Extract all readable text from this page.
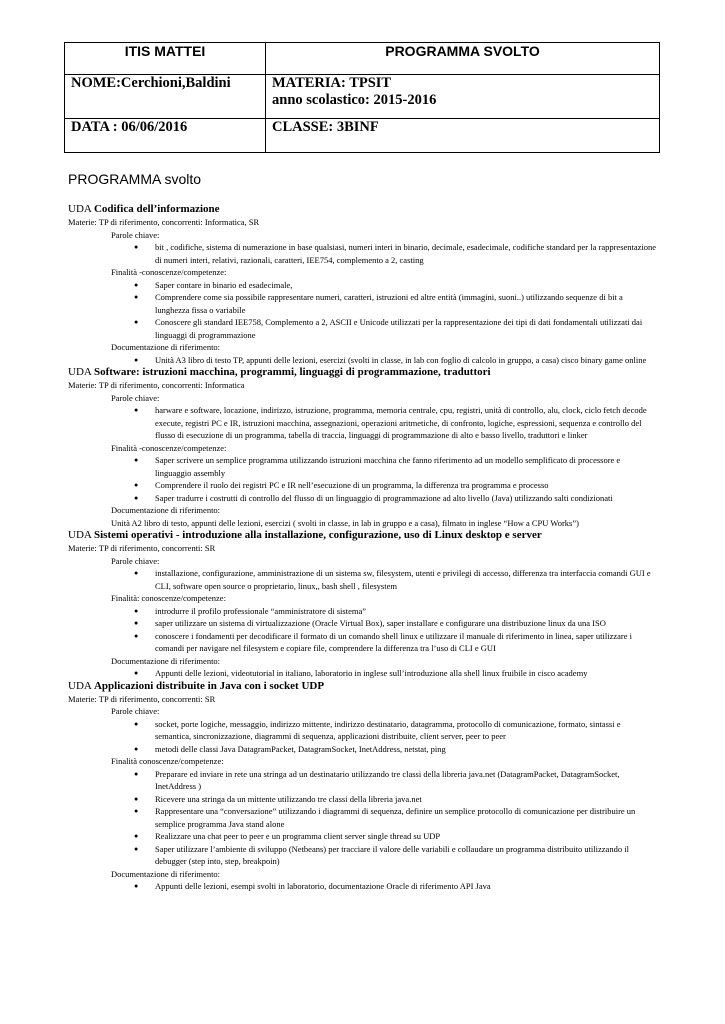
ITIS MATTEI	PROGRAMMA SVOLTO
NOME:Cerchioni,Baldini	MATERIA: TPSIT
anno scolastico: 2015-2016

DATA : 06/06/2016	CLASSE: 3BINF
PROGRAMMA svolto
UDA Codifica dell’informazione
Materie: TP di riferimento, concorrenti: Informatica, SR
Parole chiave:
● bit , codifiche, sistema di numerazione in base qualsiasi, numeri interi in binario, decimale, esadecimale, codifiche standard per la rappresentazione di numeri interi, relativi, razionali, caratteri, IEE754, complemento a 2, casting
Finalità -conoscenze/competenze:
● Saper contare in binario ed esadecimale,
● Comprendere come sia possibile rappresentare numeri, caratteri, istruzioni ed altre entità (immagini, suoni..) utilizzando sequenze di bit a lunghezza fissa o variabile
● Conoscere gli standard IEE758, Complemento a 2, ASCII e Unicode utilizzati per la rappresentazione dei tipi di dati fondamentali utilizzati dai linguaggi di programmazione
Documentazione di riferimento:
● Unità A3 libro di testo TP, appunti delle lezioni, esercizi (svolti in classe, in lab con foglio di calcolo in gruppo, a casa) cisco binary game online
UDA Software: istruzioni macchina, programmi, linguaggi di programmazione, traduttori
Materie: TP di riferimento, concorrenti: Informatica
Parole chiave:
● harware e software, locazione, indirizzo, istruzione, programma, memoria centrale, cpu, registri, unità di controllo, alu, clock, ciclo fetch decode execute, registri PC e IR, istruzioni macchina, assegnazioni, operazioni aritmetiche, di confronto, logiche, espressioni, sequenza e controllo del flusso di esecuzione di un programma, tabella di traccia, linguaggi di programmazione di alto e basso livello, traduttori e linker
Finalità -conoscenze/competenze:
● Saper scrivere un semplice programma utilizzando istruzioni macchina che fanno riferimento ad un modello semplificato di processore e linguaggio assembly
● Comprendere il ruolo dei registri PC e IR nell’esecuzione di un programma, la differenza tra programma e processo
● Saper tradurre i costrutti di controllo del flusso di un linguaggio di programmazione ad alto livello (Java) utilizzando salti condizionati
Documentazione di riferimento:
Unità A2 libro di testo, appunti delle lezioni, esercizi ( svolti in classe, in lab in gruppo e a casa), filmato in inglese “How a CPU Works”)
UDA Sistemi operativi - introduzione alla installazione, configurazione, uso di Linux desktop e server
Materie: TP di riferimento, concorrenti: SR
Parole chiave:
● installazione, configurazione, amministrazione di un sistema sw, filesystem, utenti e privilegi di accesso, differenza tra interfaccia comandi GUI e CLI, software open source o proprietario, linux,, bash shell , filesystem
Finalità: conoscenze/competenze:
● introdurre il profilo professionale “amministratore di sistema”
● saper utilizzare un sistema di virtualizzazione (Oracle Virtual Box), saper installare e configurare una distribuzione linux da una ISO
● conoscere i fondamenti per decodificare il formato di un comando shell linux e utilizzare il manuale di riferimento in linea, saper utilizzare i comandi per navigare nel filesystem e copiare file, comprendere la differenza tra l’uso di CLI e GUI
Documentazione di riferimento:
● Appunti delle lezioni, videotutorial in italiano, laboratorio in inglese sull’introduzione alla shell linux fruibile in cisco academy
UDA Applicazioni distribuite in Java con i socket UDP
Materie: TP di riferimento, concorrenti: SR
Parole chiave:
● socket, porte logiche, messaggio, indirizzo mittente, indirizzo destinatario, datagramma, protocollo di comunicazione, formato, sintassi e semantica, sincronizzazione, diagrammi di sequenza, applicazioni distribuite, client server, peer to peer
● metodi delle classi Java DatagramPacket, DatagramSocket, InetAddress, netstat, ping
Finalità conoscenze/competenze:
● Preparare ed inviare in rete una stringa ad un destinatario utilizzando tre classi della libreria java.net (DatagramPacket, DatagramSocket, InetAddress )
● Ricevere una stringa da un mittente utilizzando tre classi della libreria java.net
● Rappresentare una “conversazione” utilizzando i diagrammi di sequenza, definire un semplice protocollo di comunicazione per distribuire un semplice programma Java stand alone
● Realizzare una chat peer to peer e un programma client server single thread su UDP
● Saper utilizzare l’ambiente di sviluppo (Netbeans) per tracciare il valore delle variabili e collaudare un programma distribuito utilizzando il debugger (step into, step, breakpoin)
Documentazione di riferimento:
● Appunti delle lezioni, esempi svolti in laboratorio, documentazione Oracle di riferimento API Java
